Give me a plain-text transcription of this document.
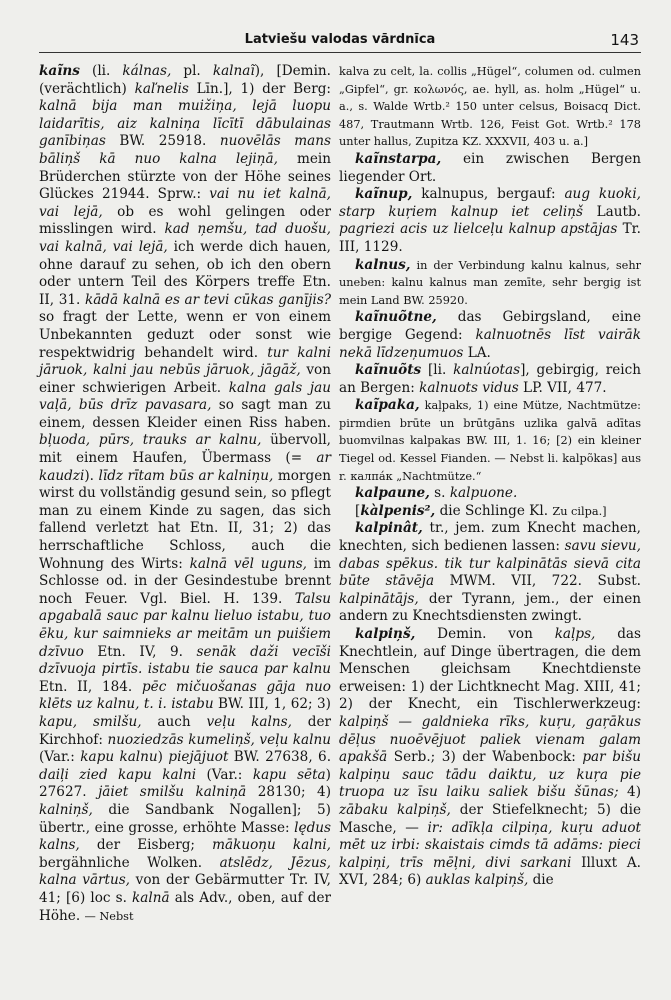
Latviešu valodas vārdnīca	143

kaĩns (li. kálnas, pl. kalnaĩ), [Demin. (verächtlich) kaľnelis Līn.], 1) der Berg: kalnā bija man muižiņa, lejā luopu laidarītis, aiz kalniņa līcītī dābulainas ganībiņas BW. 25918. nuovēlās mans bāliņš kā nuo kalna lejiņā, mein Brüderchen stürzte von der Höhe seines Glückes 21944. Sprw.: vai nu iet kalnā, vai lejā, ob es wohl gelingen oder misslingen wird. kad ņemšu, tad duošu, vai kalnā, vai lejā, ich werde dich hauen, ohne darauf zu sehen, ob ich den obern oder untern Teil des Körpers treffe Etn. II, 31. kādā kalnā es ar tevi cūkas ganījis? so fragt der Lette, wenn er von einem Unbekannten geduzt oder sonst wie respektwidrig behandelt wird. tur kalni jāruok, kalni jau nebūs jāruok, jāgāž, von einer schwierigen Arbeit. kalna gals jau vaļā, būs drīz pavasara, so sagt man zu einem, dessen Kleider einen Riss haben. bļuoda, pūrs, trauks ar kalnu, übervoll, mit einem Haufen, Übermass (= ar kaudzi). līdz rītam būs ar kalniņu, morgen wirst du vollständig gesund sein, so pflegt man zu einem Kinde zu sagen, das sich fallend verletzt hat Etn. II, 31; 2) das herrschaftliche Schloss, auch die Wohnung des Wirts: kalnā vēl uguns, im Schlosse od. in der Gesindestube brennt noch Feuer. Vgl. Biel. H. 139. Talsu apgabalā sauc par kalnu lieluo istabu, tuo ēku, kur saimnieks ar meitām un puišiem dzīvuo Etn. IV, 9. senāk daži vecīši dzīvuoja pirtīs. istabu tie sauca par kalnu Etn. II, 184. pēc mičuošanas gāja nuo klēts uz kalnu, t. i. istabu BW. III, 1, 62; 3) kapu, smilšu, auch veļu kalns, der Kirchhof: nuoziedzās kumeliņš, veļu kalnu (Var.: kapu kalnu) piejājuot BW. 27638, 6. daiļi zied kapu kalni (Var.: kapu sēta) 27627. jāiet smilšu kalniņā 28130; 4) kalniņš, die Sandbank Nogallen]; 5) übertr., eine grosse, erhöhte Masse: lędus kalns, der Eisberg; mākuoņu kalni, bergähnliche Wolken. atslēdz, Jēzus, kalna vārtus, von der Gebärmutter Tr. IV, 41; [6) loc s. kalnā als Adv., oben, auf der Höhe. — Nebst

kalva zu celt, la. collis „Hügel“, columen od. culmen „Gipfel“, gr. κολωνός, ae. hyll, as. holm „Hügel“ u. a., s. Walde Wrtb.² 150 unter celsus, Boisacq Dict. 487, Trautmann Wrtb. 126, Feist Got. Wrtb.² 178 unter hallus, Zupitza KZ. XXXVII, 403 u. a.]

kaĩnstarpa, ein zwischen Bergen liegender Ort.

kaĩnup, kalnupus, bergauf: aug kuoki, starp kuŗiem kalnup iet celiņš Lautb. pagriezi acis uz lielceļu kalnup apstājas Tr. III, 1129.

kalnus, in der Verbindung kalnu kalnus, sehr uneben: kalnu kalnus man zemīte, sehr bergig ist mein Land BW. 25920.

kaĩnuõtne, das Gebirgsland, eine bergige Gegend: kalnuotnēs līst vairāk nekā līdzeņumuos LA.

kaĩnuõts [li. kalnúotas], gebirgig, reich an Bergen: kalnuots vidus LP. VII, 477.

kaĩpaka, kaļpaks, 1) eine Mütze, Nachtmütze: pirmdien brūte un brūtgāns uzlika galvā adītas buomvilnas kalpakas BW. III, 1. 16; [2) ein kleiner Tiegel od. Kessel Fianden. — Nebst li. kalpõkas] aus r. калпáк „Nachtmütze.“

kalpaune, s. kalpuone.

[kàlpenis², die Schlinge Kl. Zu cilpa.]

kalpinât, tr., jem. zum Knecht machen, knechten, sich bedienen lassen: savu sievu, dabas spēkus. tik tur kalpinātās sievā cita būte stāvēja MWM. VII, 722. Subst. kalpinātājs, der Tyrann, jem., der einen andern zu Knechtsdiensten zwingt.

kalpiņš, Demin. von kaļps, das Knechtlein, auf Dinge übertragen, die dem Menschen gleichsam Knechtdienste erweisen: 1) der Lichtknecht Mag. XIII, 41; 2) der Knecht, ein Tischlerwerkzeug: kalpiņš — galdnieka rīks, kuŗu, gaŗākus dēļus nuoēvējuot paliek vienam galam apakšā Serb.; 3) der Wabenbock: par bišu kalpiņu sauc tādu daiktu, uz kuŗa pie truopa uz īsu laiku saliek bišu šūnas; 4) zābaku kalpiņš, der Stiefelknecht; 5) die Masche, — ir: adīkļa cilpiņa, kuŗu aduot mēt uz irbi: skaistais cimds tā adāms: pieci kalpiņi, trīs mēļni, divi sarkani Illuxt A. XVI, 284; 6) auklas kalpiņš, die
